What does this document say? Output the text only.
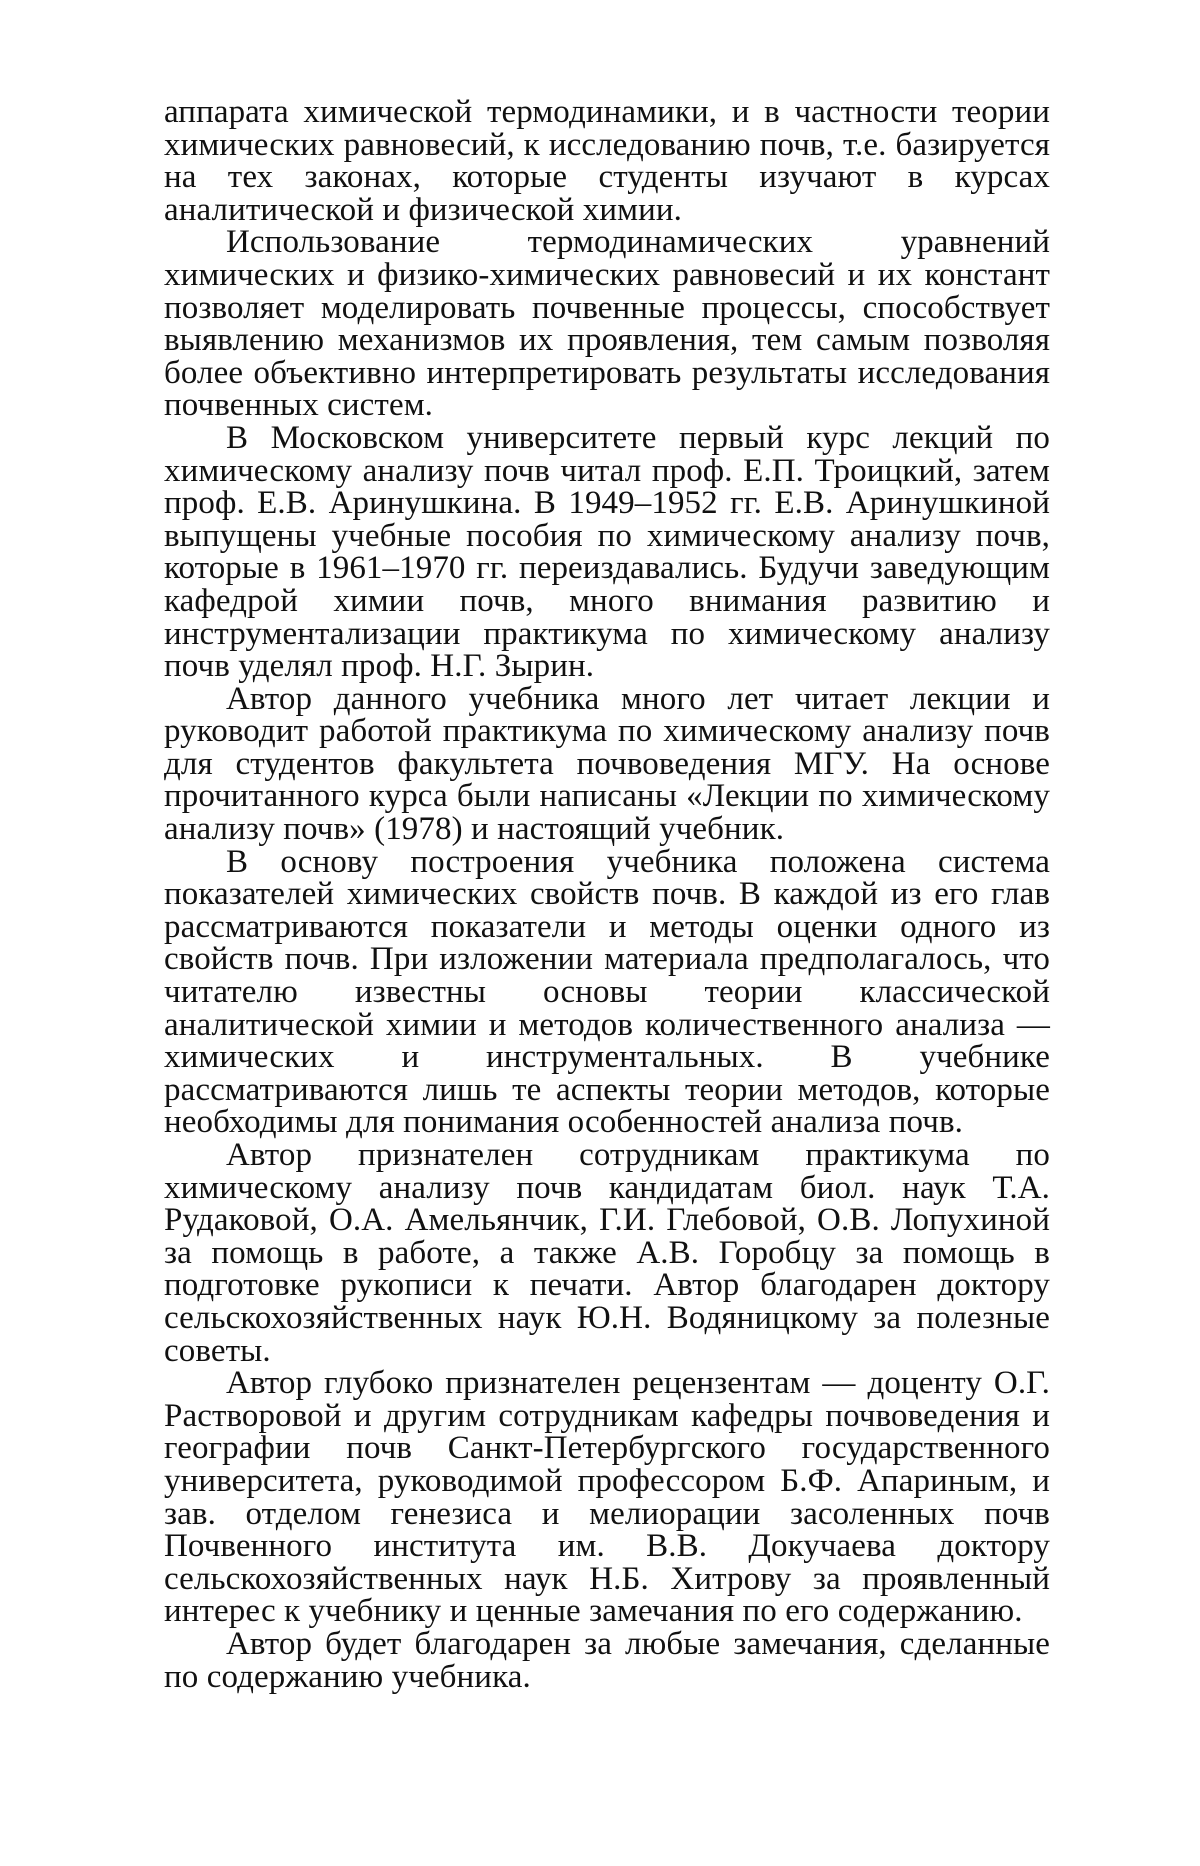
аппарата химической термодинамики, и в частности теории химических равновесий, к исследованию почв, т.е. базируется на тех законах, которые студенты изучают в курсах аналитической и физической химии.

Использование термодинамических уравнений химических и физико-химических равновесий и их констант позволяет моделировать почвенные процессы, способствует выявлению механизмов их проявления, тем самым позволяя более объективно интерпретировать результаты исследования почвенных систем.

В Московском университете первый курс лекций по химическому анализу почв читал проф. Е.П. Троицкий, затем проф. Е.В. Аринушкина. В 1949–1952 гг. Е.В. Аринушкиной выпущены учебные пособия по химическому анализу почв, которые в 1961–1970 гг. переиздавались. Будучи заведующим кафедрой химии почв, много внимания развитию и инструментализации практикума по химическому анализу почв уделял проф. Н.Г. Зырин.

Автор данного учебника много лет читает лекции и руководит работой практикума по химическому анализу почв для студентов факультета почвоведения МГУ. На основе прочитанного курса были написаны «Лекции по химическому анализу почв» (1978) и настоящий учебник.

В основу построения учебника положена система показателей химических свойств почв. В каждой из его глав рассматриваются показатели и методы оценки одного из свойств почв. При изложении материала предполагалось, что читателю известны основы теории классической аналитической химии и методов количественного анализа — химических и инструментальных. В учебнике рассматриваются лишь те аспекты теории методов, которые необходимы для понимания особенностей анализа почв.

Автор признателен сотрудникам практикума по химическому анализу почв кандидатам биол. наук Т.А. Рудаковой, О.А. Амельянчик, Г.И. Глебовой, О.В. Лопухиной за помощь в работе, а также А.В. Горобцу за помощь в подготовке рукописи к печати. Автор благодарен доктору сельскохозяйственных наук Ю.Н. Водяницкому за полезные советы.

Автор глубоко признателен рецензентам — доценту О.Г. Растворовой и другим сотрудникам кафедры почвоведения и географии почв Санкт-Петербургского государственного университета, руководимой профессором Б.Ф. Апариным, и зав. отделом генезиса и мелиорации засоленных почв Почвенного института им. В.В. Докучаева доктору сельскохозяйственных наук Н.Б. Хитрову за проявленный интерес к учебнику и ценные замечания по его содержанию.

Автор будет благодарен за любые замечания, сделанные по содержанию учебника.
